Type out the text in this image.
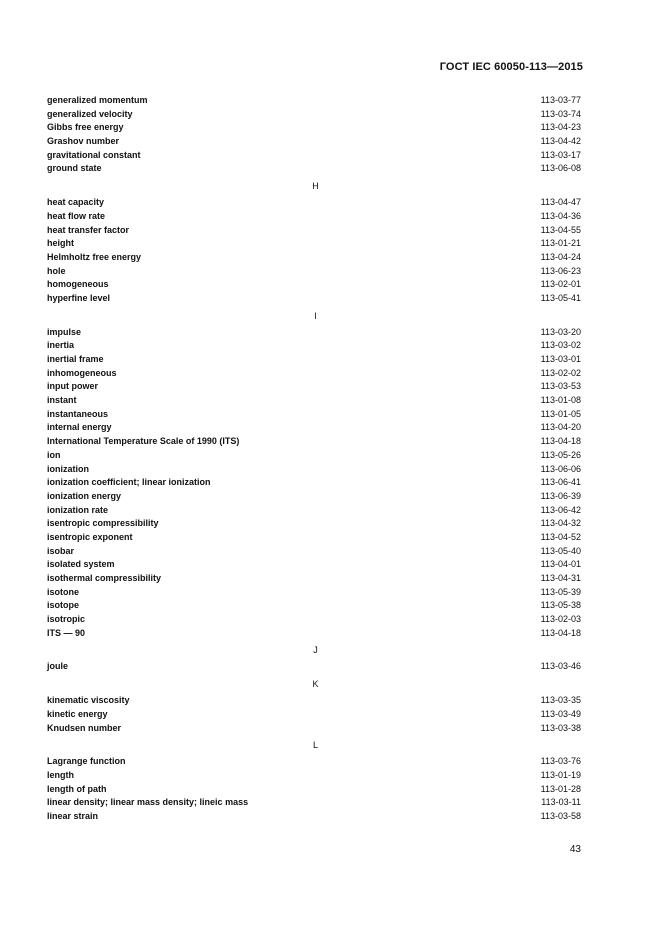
ГОСТ IEC 60050-113—2015
generalized momentum	113-03-77
generalized velocity	113-03-74
Gibbs free energy	113-04-23
Grashov number	113-04-42
gravitational constant	113-03-17
ground state	113-06-08
H
heat capacity	113-04-47
heat flow rate	113-04-36
heat transfer factor	113-04-55
height	113-01-21
Helmholtz free energy	113-04-24
hole	113-06-23
homogeneous	113-02-01
hyperfine level	113-05-41
I
impulse	113-03-20
inertia	113-03-02
inertial frame	113-03-01
inhomogeneous	113-02-02
input power	113-03-53
instant	113-01-08
instantaneous	113-01-05
internal energy	113-04-20
International Temperature Scale of 1990 (ITS)	113-04-18
ion	113-05-26
ionization	113-06-06
ionization coefficient; linear ionization	113-06-41
ionization energy	113-06-39
ionization rate	113-06-42
isentropic compressibility	113-04-32
isentropic exponent	113-04-52
isobar	113-05-40
isolated system	113-04-01
isothermal compressibility	113-04-31
isotone	113-05-39
isotope	113-05-38
isotropic	113-02-03
ITS — 90	113-04-18
J
joule	113-03-46
K
kinematic viscosity	113-03-35
kinetic energy	113-03-49
Knudsen number	113-03-38
L
Lagrange function	113-03-76
length	113-01-19
length of path	113-01-28
linear density; linear mass density; lineic mass	113-03-11
linear strain	113-03-58
43
